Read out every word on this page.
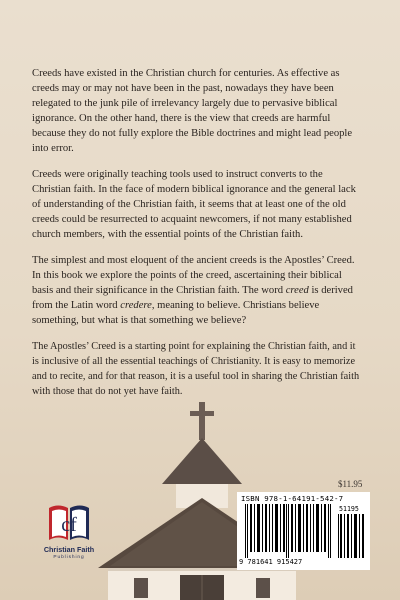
Creeds have existed in the Christian church for centuries. As effective as creeds may or may not have been in the past, nowadays they have been relegated to the junk pile of irrelevancy largely due to pervasive biblical ignorance. On the other hand, there is the view that creeds are harmful because they do not fully explore the Bible doctrines and might lead people into error.

Creeds were originally teaching tools used to instruct converts to the Christian faith. In the face of modern biblical ignorance and the general lack of understanding of the Christian faith, it seems that at least one of the old creeds could be resurrected to acquaint newcomers, if not many established church members, with the essential points of the Christian faith.

The simplest and most eloquent of the ancient creeds is the Apostles’ Creed. In this book we explore the points of the creed, ascertaining their biblical basis and their significance in the Christian faith. The word creed is derived from the Latin word credere, meaning to believe. Christians believe something, but what is that something we believe?

The Apostles’ Creed is a starting point for explaining the Christian faith, and it is inclusive of all the essential teachings of Christianity. It is easy to memorize and to recite, and for that reason, it is a useful tool in sharing the Christian faith with those that do not yet have faith.

$11.95
ISBN 978-1-64191-542-7
51195
9 781641 915427
cf
Christian Faith
Publishing
